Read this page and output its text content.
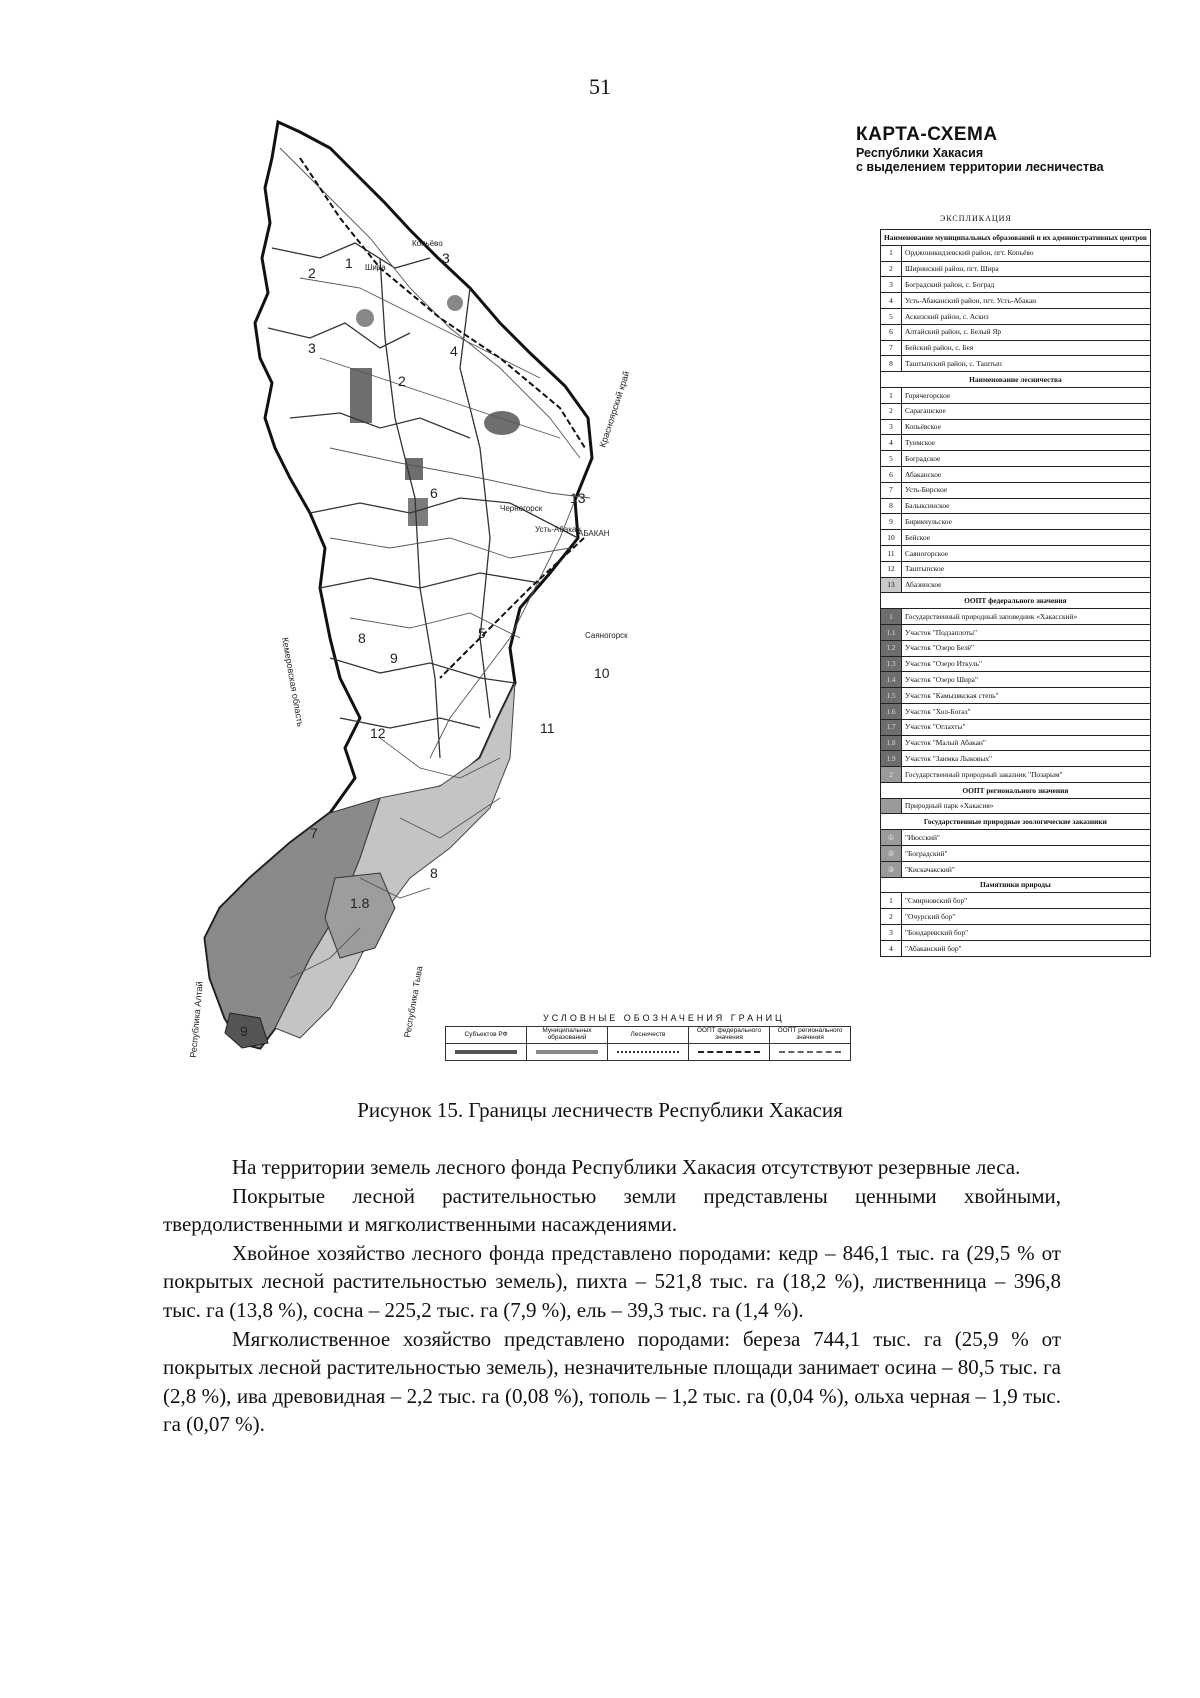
51
2
1	3
3
2
4
6	13
5
8
9
11
10
12
8
7
1.8
9
Копьёво
Шира
АБАКАН
Усть-Абакан
Черногорск
Саяногорск
Красноярский край
Кемеровская область
Республика Алтай	Республика Тыва
КАРТА-СХЕМА
Республики Хакасия
с выделением территории лесничества
ЭКСПЛИКАЦИЯ
Наименование муниципальных образований и их административных центров	
1	Орджоникидзевский район, пгт. Копьёво
2	Ширинский район, пгт. Шира
3	Боградский район, с. Боград
4	Усть-Абаканский район, пгт. Усть-Абакан
5	Аскизский район, с. Аскиз
6	Алтайский район, с. Белый Яр
7	Бейский район, с. Бея
8	Таштыпский район, с. Таштып
Наименование лесничества	
1	Горячегорское
2	Сарагашское
3	Копьёвское
4	Туимское
5	Боградское
6	Абаканское
7	Усть-Бирское
8	Балыксинское
9	Бирикчульское
10	Бейское
11	Саяногорское
12	Таштыпское
13	Абазинское
ООПТ федерального значения	
1	Государственный природный заповедник «Хакасский»
1.1	Участок "Подзаплоты"
1.2	Участок "Озеро Белё"
1.3	Участок "Озеро Иткуль"
1.4	Участок "Озеро Шира"
1.5	Участок "Камызякская степь"
1.6	Участок "Хол-Богаз"
1.7	Участок "Оглахты"
1.8	Участок "Малый Абакан"
1.9	Участок "Заимка Лыковых"
2	Государственный природный заказник "Позарым"
ООПТ регионального значения	
	Природный парк «Хакасия»
Государственные природные зоологические заказники	
①	"Июсский"
②	"Боградский"
③	"Кискачакский"
Памятники природы	
1	"Смирновский бор"
2	"Очурский бор"
3	"Бондаревский бор"
4	"Абаканский бор"
УСЛОВНЫЕ ОБОЗНАЧЕНИЯ ГРАНИЦ
Субъектов РФ	Муниципальных образований	Лесничеств	ООПТ федерального значения	ООПТ регионального значения

Рисунок 15. Границы лесничеств Республики Хакасия

На территории земель лесного фонда Республики Хакасия отсутствуют резервные леса.

Покрытые лесной растительностью земли представлены ценными хвойными, твердолиственными и мягколиственными насаждениями.

Хвойное хозяйство лесного фонда представлено породами: кедр – 846,1 тыс. га (29,5 % от покрытых лесной растительностью земель), пихта – 521,8 тыс. га (18,2 %), лиственница – 396,8 тыс. га (13,8 %), сосна – 225,2 тыс. га (7,9 %), ель – 39,3 тыс. га (1,4 %).

Мягколиственное хозяйство представлено породами: береза 744,1 тыс. га (25,9 % от покрытых лесной растительностью земель), незначительные площади занимает осина – 80,5 тыс. га (2,8 %), ива древовидная – 2,2 тыс. га (0,08 %), тополь – 1,2 тыс. га (0,04 %), ольха черная – 1,9 тыс. га (0,07 %).
